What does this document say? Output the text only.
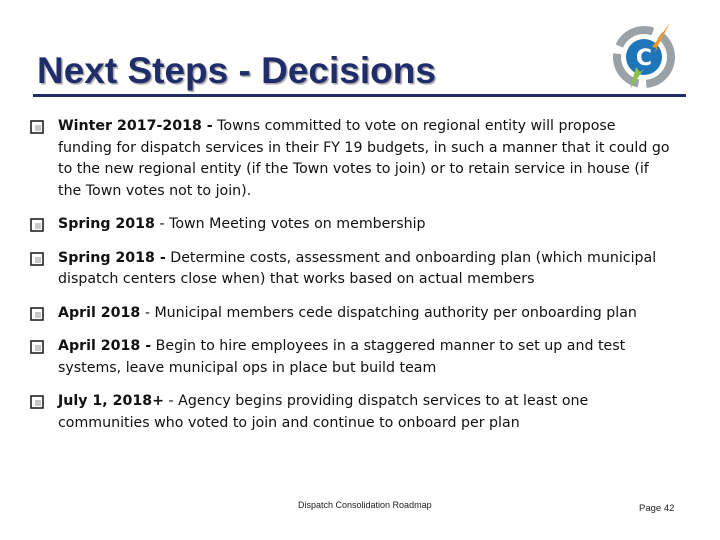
Next Steps - Decisions	C
Winter 2017-2018 - Towns committed to vote on regional entity will propose funding for dispatch services in their FY 19 budgets, in such a manner that it could go to the new regional entity (if the Town votes to join) or to retain service in house (if the Town votes not to join).
Spring 2018 - Town Meeting votes on membership
Spring 2018 - Determine costs, assessment and onboarding plan (which municipal dispatch centers close when) that works based on actual members
April 2018 - Municipal members cede dispatching authority per onboarding plan
April 2018 - Begin to hire employees in a staggered manner to set up and test systems, leave municipal ops in place but build team
July 1, 2018+ - Agency begins providing dispatch services to at least one communities who voted to join and continue to onboard per plan
Dispatch Consolidation Roadmap	Page 42
